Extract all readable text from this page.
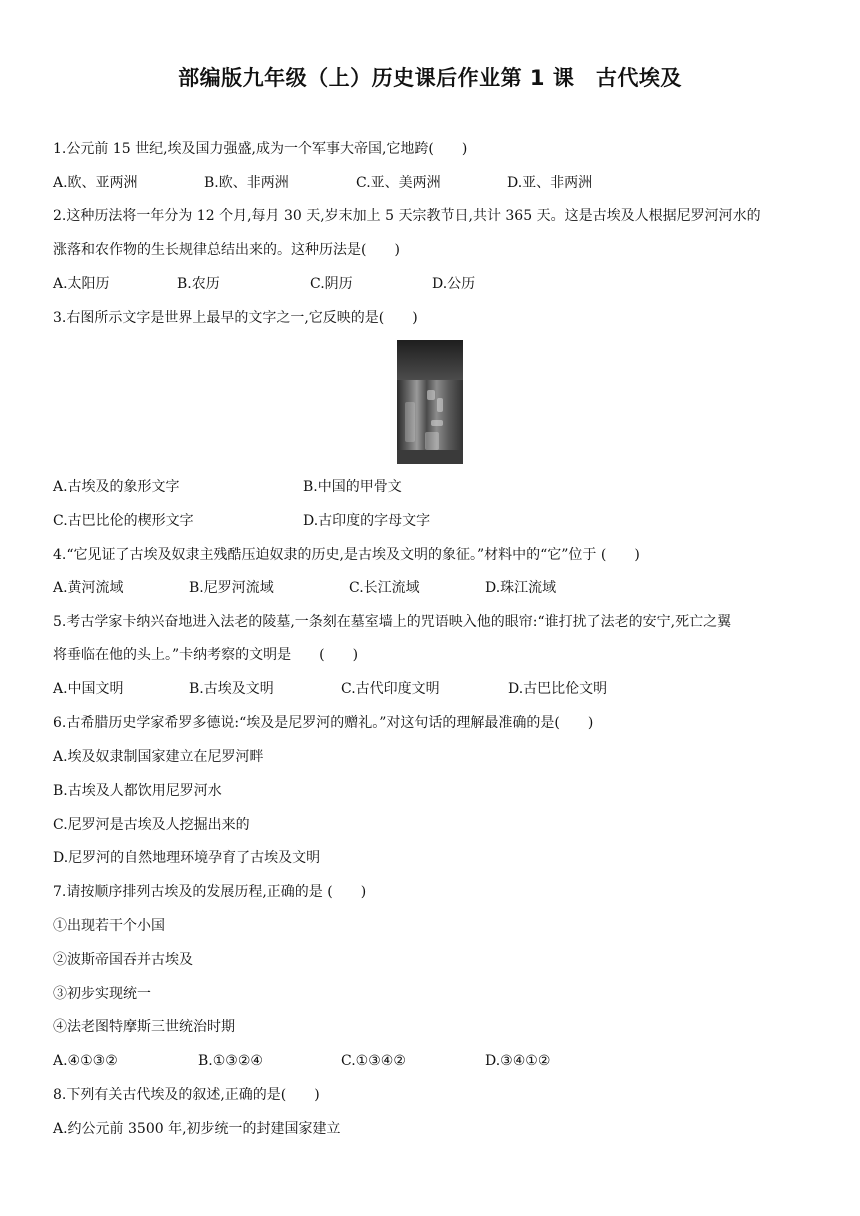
部编版九年级（上）历史课后作业第 1 课　古代埃及
1.公元前 15 世纪,埃及国力强盛,成为一个军事大帝国,它地跨(　　)
A.欧、亚两洲	B.欧、非两洲	C.亚、美两洲	D.亚、非两洲
2.这种历法将一年分为 12 个月,每月 30 天,岁末加上 5 天宗教节日,共计 365 天。这是古埃及人根据尼罗河河水的
涨落和农作物的生长规律总结出来的。这种历法是(　　)
A.太阳历	B.农历	C.阴历	D.公历
3.右图所示文字是世界上最早的文字之一,它反映的是(　　)
A.古埃及的象形文字	B.中国的甲骨文
C.古巴比伦的楔形文字	D.古印度的字母文字
4.“它见证了古埃及奴隶主残酷压迫奴隶的历史,是古埃及文明的象征。”材料中的“它”位于 (　　)
A.黄河流域	B.尼罗河流域	C.长江流域	D.珠江流域
5.考古学家卡纳兴奋地进入法老的陵墓,一条刻在墓室墙上的咒语映入他的眼帘:“谁打扰了法老的安宁,死亡之翼
将垂临在他的头上。”卡纳考察的文明是　　(　　)
A.中国文明	B.古埃及文明	C.古代印度文明	D.古巴比伦文明
6.古希腊历史学家希罗多德说:“埃及是尼罗河的赠礼。”对这句话的理解最准确的是(　　)
A.埃及奴隶制国家建立在尼罗河畔
B.古埃及人都饮用尼罗河水
C.尼罗河是古埃及人挖掘出来的
D.尼罗河的自然地理环境孕育了古埃及文明
7.请按顺序排列古埃及的发展历程,正确的是 (　　)
①出现若干个小国
②波斯帝国吞并古埃及
③初步实现统一
④法老图特摩斯三世统治时期
A.④①③②	B.①③②④	C.①③④②	D.③④①②
8.下列有关古代埃及的叙述,正确的是(　　)
A.约公元前 3500 年,初步统一的封建国家建立
